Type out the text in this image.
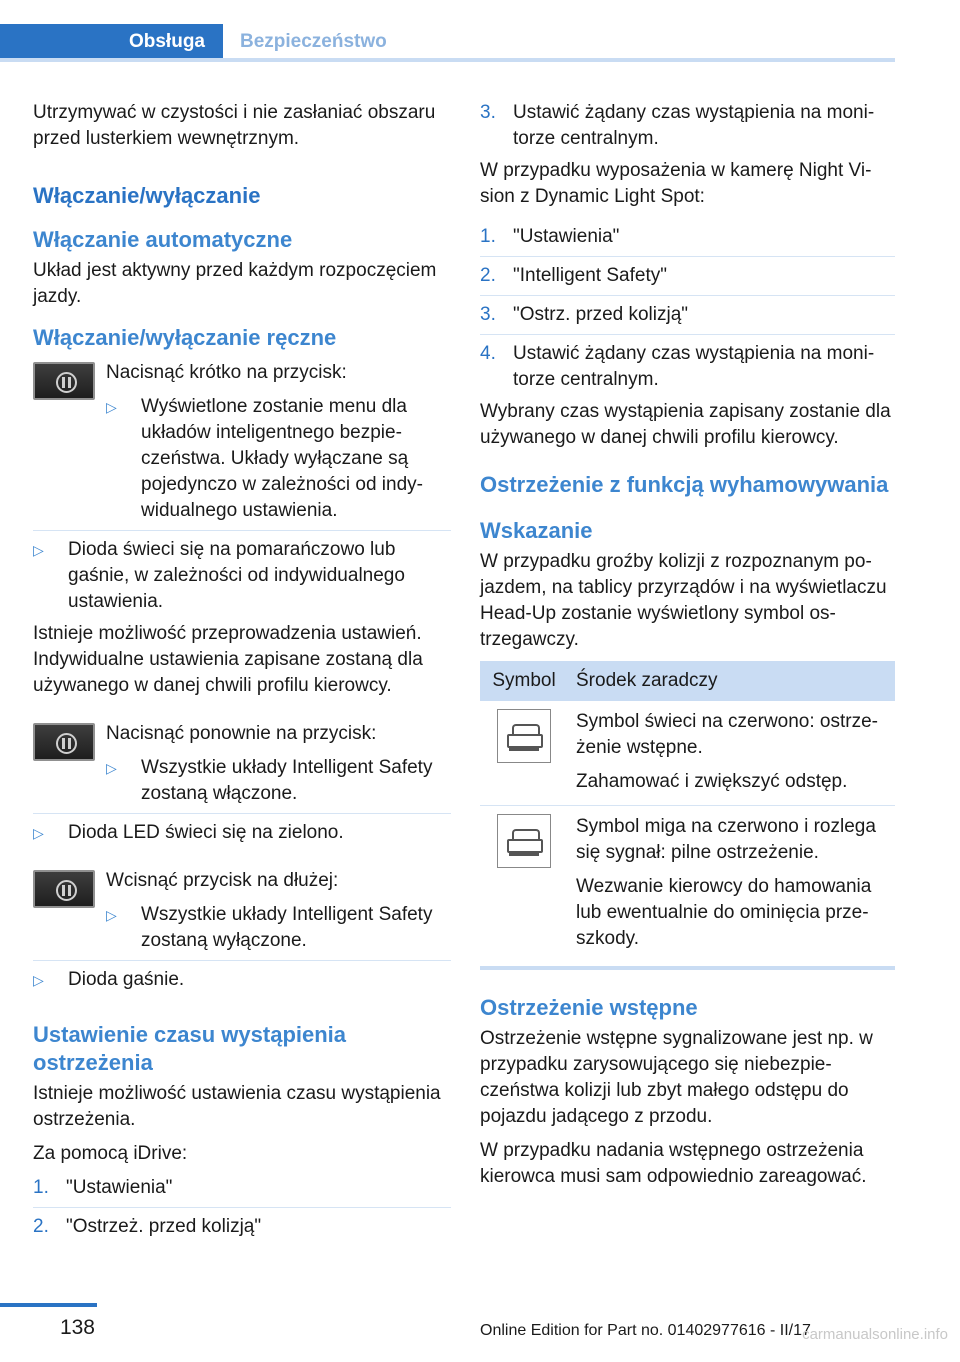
Obsługa	Bezpieczeństwo

Utrzymywać w czystości i nie zasłaniać obszaru przed lusterkiem wewnętrznym.

Włączanie/wyłączanie
Włączanie automatyczne

Układ jest aktywny przed każdym rozpoczęciem jazdy.

Włączanie/wyłączanie ręczne

Nacisnąć krótko na przycisk:

▷ Wyświetlone zostanie menu dla układów inteligentnego bezpieczeństwa. Układy wyłączane są pojedynczo w zależności od indywidualnego ustawienia.
▷ Dioda świeci się na pomarańczowo lub gaśnie, w zależności od indywidualnego ustawienia.

Istnieje możliwość przeprowadzenia ustawień. Indywidualne ustawienia zapisane zostaną dla używanego w danej chwili profilu kierowcy.

Nacisnąć ponownie na przycisk:

▷ Wszystkie układy Intelligent Safety zostaną włączone.
▷ Dioda LED świeci się na zielono.

Wcisnąć przycisk na dłużej:

▷ Wszystkie układy Intelligent Safety zostaną wyłączone.
▷ Dioda gaśnie.
Ustawienie czasu wystąpienia ostrzeżenia

Istnieje możliwość ustawienia czasu wystąpienia ostrzeżenia.

Za pomocą iDrive:

1. "Ustawienia"
2. "Ostrzeż. przed kolizją"
3. Ustawić żądany czas wystąpienia na monitorze centralnym.

W przypadku wyposażenia w kamerę Night Vision z Dynamic Light Spot:

1. "Ustawienia"
2. "Intelligent Safety"
3. "Ostrz. przed kolizją"
4. Ustawić żądany czas wystąpienia na monitorze centralnym.

Wybrany czas wystąpienia zapisany zostanie dla używanego w danej chwili profilu kierowcy.

Ostrzeżenie z funkcją wyhamowywania
Wskazanie

W przypadku groźby kolizji z rozpoznanym pojazdem, na tablicy przyrządów i na wyświetlaczu Head-Up zostanie wyświetlony symbol ostrzegawczy.

Symbol	Środek zaradczy

	Symbol świeci na czerwono: ostrzeżenie wstępne.

Zahamować i zwiększyć odstęp.

	Symbol miga na czerwono i rozlega się sygnał: pilne ostrzeżenie.

Wezwanie kierowcy do hamowania lub ewentualnie do ominięcia przeszkody.

Ostrzeżenie wstępne

Ostrzeżenie wstępne sygnalizowane jest np. w przypadku zarysowującego się niebezpieczeństwa kolizji lub zbyt małego odstępu do pojazdu jadącego z przodu.

W przypadku nadania wstępnego ostrzeżenia kierowca musi sam odpowiednio zareagować.

138	Online Edition for Part no. 01402977616 - II/17
carmanualsonline.info
